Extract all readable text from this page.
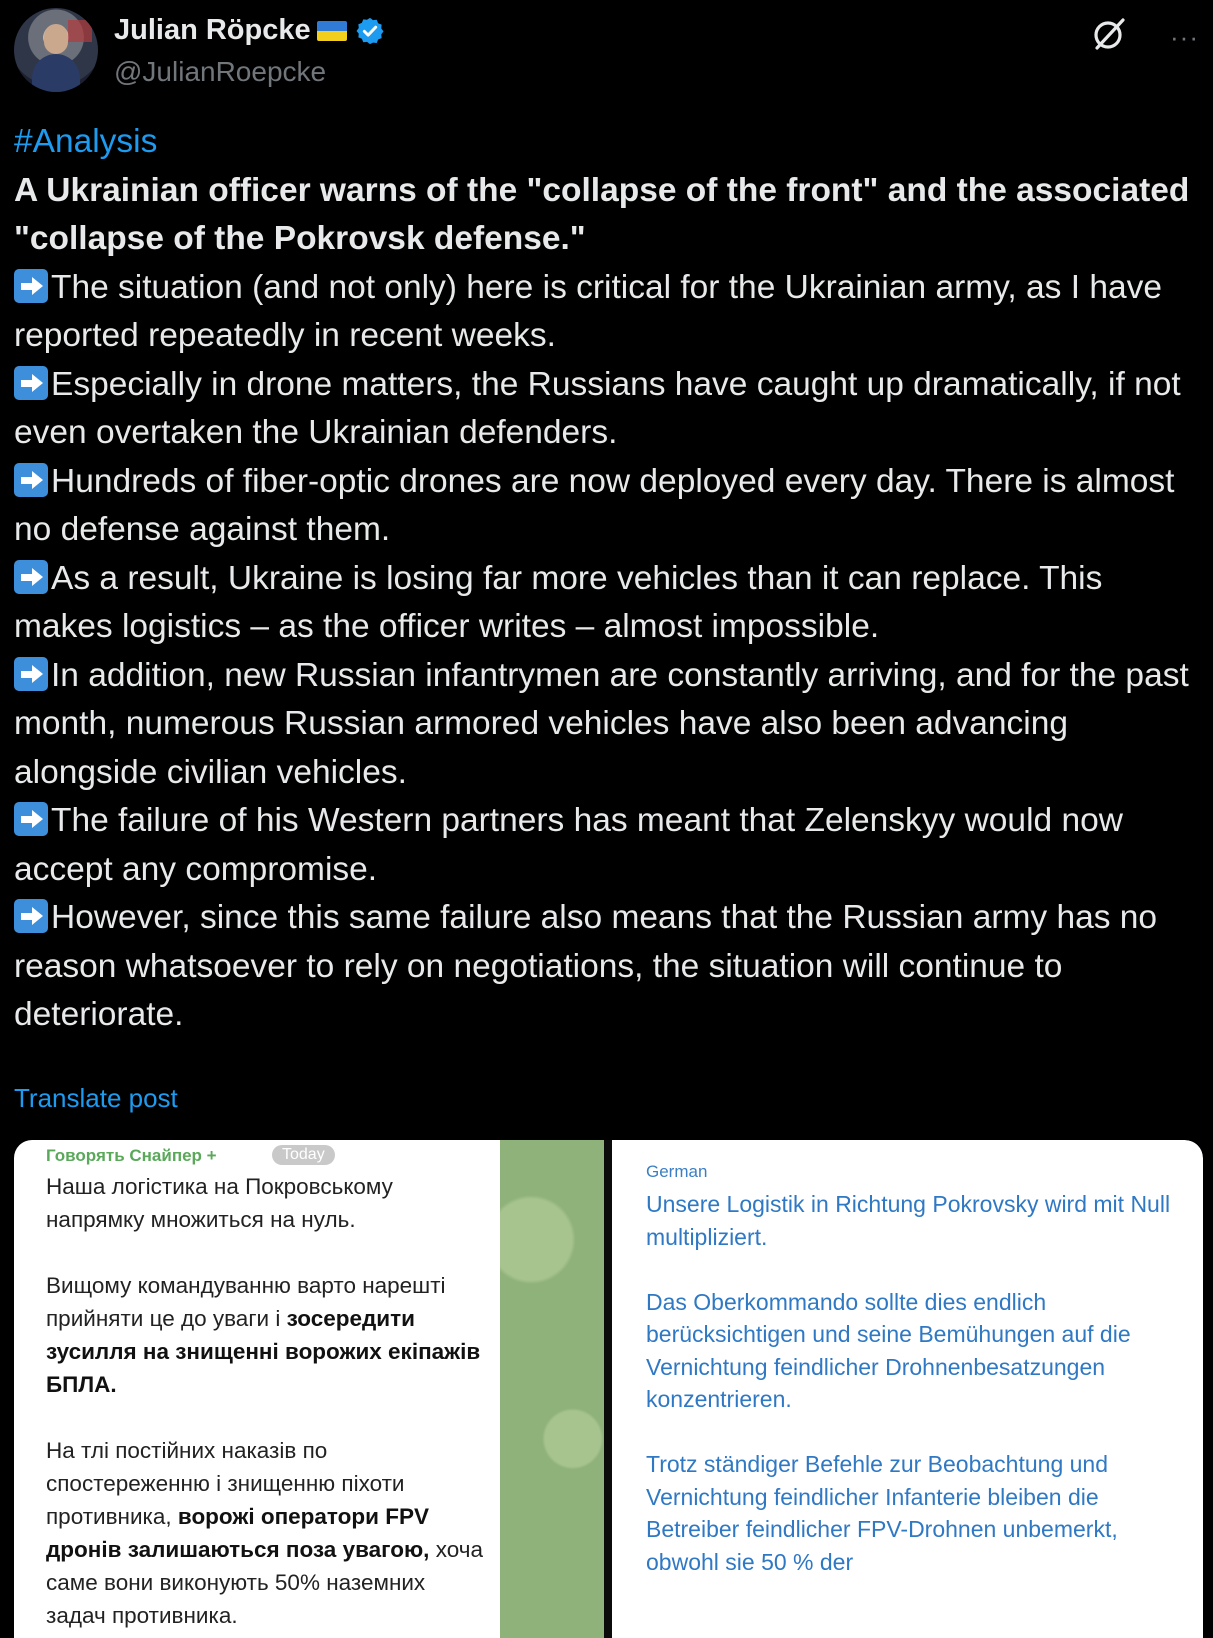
Julian Röpcke
@JulianRoepcke
···
#Analysis
A Ukrainian officer warns of the "collapse of the front" and the associated "collapse of the Pokrovsk defense."
The situation (and not only) here is critical for the Ukrainian army, as I have reported repeatedly in recent weeks.
Especially in drone matters, the Russians have caught up dramatically, if not even overtaken the Ukrainian defenders.
Hundreds of fiber-optic drones are now deployed every day. There is almost no defense against them.
As a result, Ukraine is losing far more vehicles than it can replace. This makes logistics – as the officer writes – almost impossible.
In addition, new Russian infantrymen are constantly arriving, and for the past month, numerous Russian armored vehicles have also been advancing alongside civilian vehicles.
The failure of his Western partners has meant that Zelenskyy would now accept any compromise.
However, since this same failure also means that the Russian army has no reason whatsoever to rely on negotiations, the situation will continue to deteriorate.
Translate post
Говорять Снайпер +	Today

Наша логістика на Покровському напрямку множиться на нуль.

Вищому командуванню варто нарешті прийняти це до уваги і зосередити зусилля на знищенні ворожих екіпажів БПЛА.

На тлі постійних наказів по спостереженню і знищенню піхоти противника, ворожі оператори FPV дронів залишаються поза увагою, хоча саме вони виконують 50% наземних задач противника.

German

Unsere Logistik in Richtung Pokrovsky wird mit Null multipliziert.

Das Oberkommando sollte dies endlich berücksichtigen und seine Bemühungen auf die Vernichtung feindlicher Drohnenbesatzungen konzentrieren.

Trotz ständiger Befehle zur Beobachtung und Vernichtung feindlicher Infanterie bleiben die Betreiber feindlicher FPV-Drohnen unbemerkt, obwohl sie 50 % der
